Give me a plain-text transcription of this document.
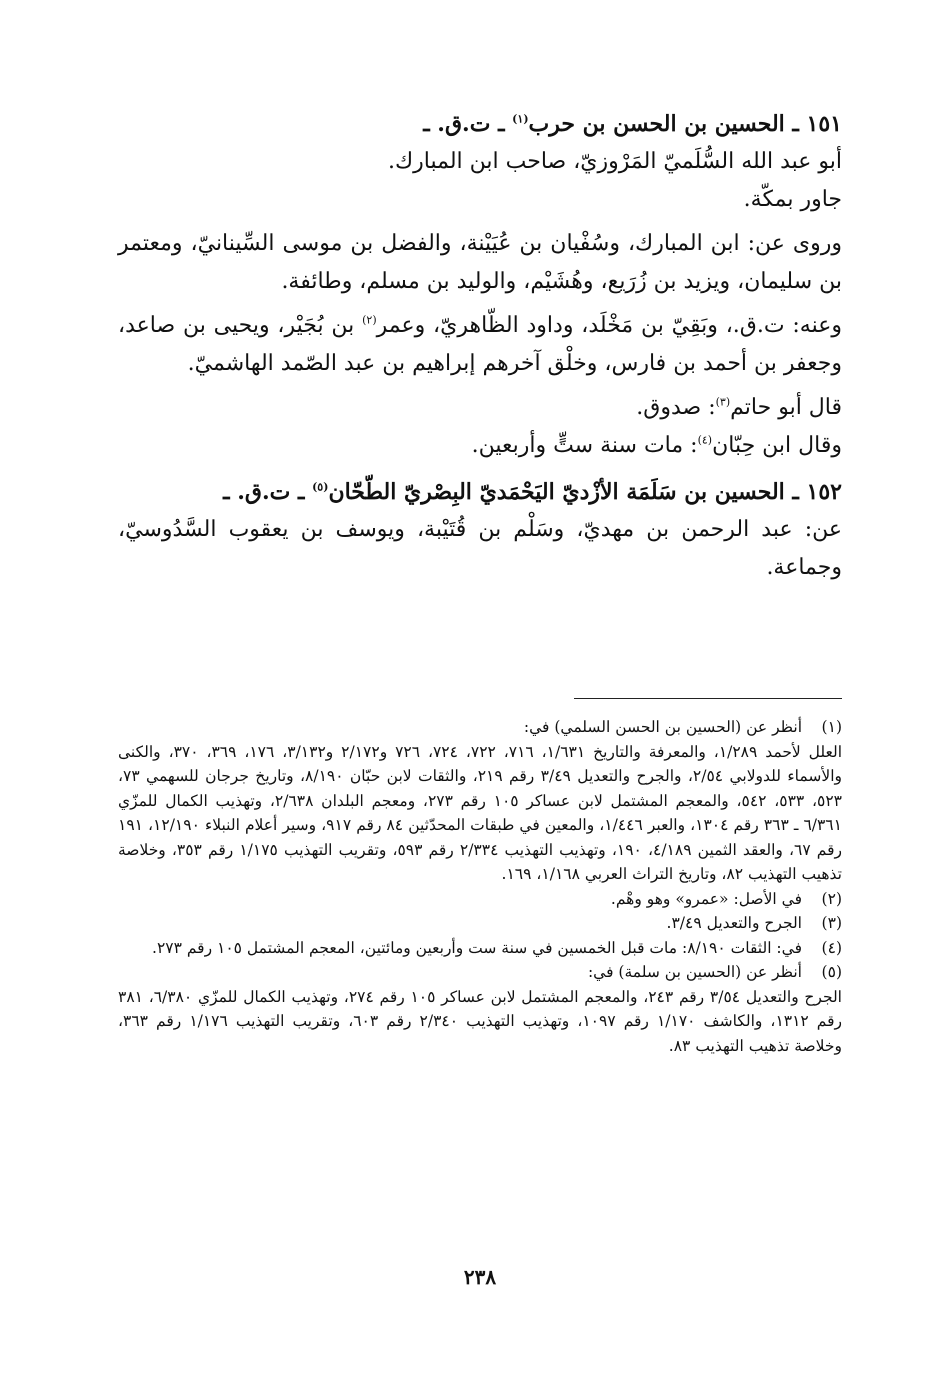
١٥١ ـ الحسين بن الحسن بن حرب$^{(١)}$ ـ ت.ق. ـ

أبو عبد الله السُّلَميّ المَرْوزيّ، صاحب ابن المبارك.

جاور بمكّة.

وروى عن: ابن المبارك، وسُفْيان بن عُيَيْنة، والفضل بن موسى السِّينانيّ، ومعتمر بن سليمان، ويزيد بن زُرَيع، وهُشَيْم، والوليد بن مسلم، وطائفة.

وعنه: ت.ق.، وبَقِيّ بن مَخْلَد، وداود الظّاهريّ، وعمر$^{(٢)}$ بن بُجَيْر، ويحيى بن صاعد، وجعفر بن أحمد بن فارس، وخلْق آخرهم إبراهيم بن عبد الصّمد الهاشميّ.

قال أبو حاتم$^{(٣)}$: صدوق.

وقال ابن حِبّان$^{(٤)}$: مات سنة ستٍّ وأربعين.

١٥٢ ـ الحسين بن سَلَمَة الأزْديّ اليَحْمَديّ البِصْريّ الطّحّان$^{(٥)}$ ـ ت.ق. ـ

عن: عبد الرحمن بن مهديّ، وسَلْم بن قُتَيْبة، ويوسف بن يعقوب السَّدُوسيّ، وجماعة.

(١)

أنظر عن (الحسين بن الحسن السلمي) في:

العلل لأحمد ١/٢٨٩، والمعرفة والتاريخ ١/٦٣١، ٧١٦، ٧٢٢، ٧٢٤، ٧٢٦ و٢/١٧٢ و٣/١٣٢، ١٧٦، ٣٦٩، ٣٧٠، والكنى والأسماء للدولابي ٢/٥٤، والجرح والتعديل ٣/٤٩ رقم ٢١٩، والثقات لابن حبّان ٨/١٩٠، وتاريخ جرجان للسهمي ٧٣، ٥٢٣، ٥٣٣، ٥٤٢، والمعجم المشتمل لابن عساكر ١٠٥ رقم ٢٧٣، ومعجم البلدان ٢/٦٣٨، وتهذيب الكمال للمزّي ٦/٣٦١ ـ ٣٦٣ رقم ١٣٠٤، والعبر ١/٤٤٦، والمعين في طبقات المحدّثين ٨٤ رقم ٩١٧، وسير أعلام النبلاء ١٢/١٩٠، ١٩١ رقم ٦٧، والعقد الثمين ٤/١٨٩، ١٩٠، وتهذيب التهذيب ٢/٣٣٤ رقم ٥٩٣، وتقريب التهذيب ١/١٧٥ رقم ٣٥٣، وخلاصة تذهيب التهذيب ٨٢، وتاريخ التراث العربي ١/١٦٨، ١٦٩.

(٢)

في الأصل: «عمرو» وهو وهْم.

(٣)

الجرح والتعديل ٣/٤٩.

(٤)

في: الثقات ٨/١٩٠: مات قبل الخمسين في سنة ست وأربعين ومائتين، المعجم المشتمل ١٠٥ رقم ٢٧٣.

(٥)

أنظر عن (الحسين بن سلمة) في:

الجرح والتعديل ٣/٥٤ رقم ٢٤٣، والمعجم المشتمل لابن عساكر ١٠٥ رقم ٢٧٤، وتهذيب الكمال للمزّي ٦/٣٨٠، ٣٨١ رقم ١٣١٢، والكاشف ١/١٧٠ رقم ١٠٩٧، وتهذيب التهذيب ٢/٣٤٠ رقم ٦٠٣، وتقريب التهذيب ١/١٧٦ رقم ٣٦٣، وخلاصة تذهيب التهذيب ٨٣.

٢٣٨
